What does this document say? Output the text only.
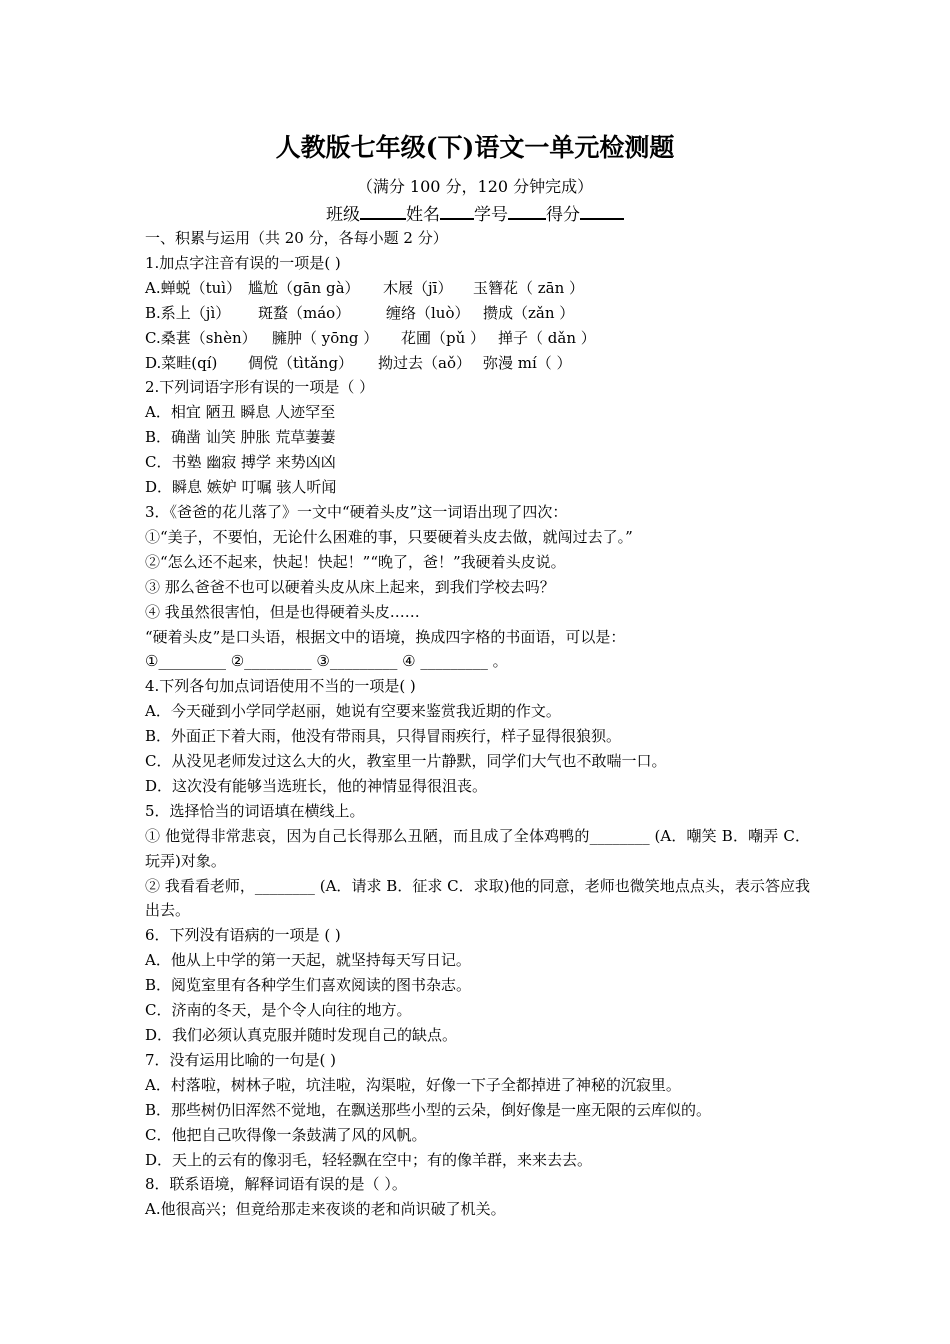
人教版七年级(下)语文一单元检测题
（满分 100 分，120 分钟完成）
班级	姓名 学号 得分
一、积累与运用（共 20 分，各每小题 2 分）
1.加点字注音有误的一项是( )
A.蝉蜕（tuì） 尴尬（gān gà） 木屐（jī） 玉簪花（ zān ）
B.系上（jì） 斑蝥（máo） 缠络（luò） 攒成（zǎn ）
C.桑葚（shèn） 臃肿（ yōng ） 花圃（pǔ ） 掸子（ dǎn ）
D.菜畦(qí) 倜傥（tìtǎng） 拗过去（aǒ） 弥漫 mí（ ）
2.下列词语字形有误的一项是（ ）
A．相宜 陋丑 瞬息 人迹罕至
B．确凿 讪笑 肿胀 荒草萋萋
C．书塾 幽寂 搏学 来势凶凶
D．瞬息 嫉妒 叮嘱 骇人听闻
3．《爸爸的花儿落了》一文中“硬着头皮”这一词语出现了四次：
①“美子，不要怕，无论什么困难的事，只要硬着头皮去做，就闯过去了。”
②“怎么还不起来，快起！快起！”“晚了，爸！”我硬着头皮说。
③ 那么爸爸不也可以硬着头皮从床上起来，到我们学校去吗？
④ 我虽然很害怕，但是也得硬着头皮……
“硬着头皮”是口头语，根据文中的语境，换成四字格的书面语，可以是：
①_________ ②_________ ③_________ ④ _________ 。
4.下列各句加点词语使用不当的一项是( )
A．今天碰到小学同学赵丽，她说有空要来鉴赏我近期的作文。
B．外面正下着大雨，他没有带雨具，只得冒雨疾行，样子显得很狼狈。
C．从没见老师发过这么大的火，教室里一片静默，同学们大气也不敢喘一口。
D．这次没有能够当选班长，他的神情显得很沮丧。
5．选择恰当的词语填在横线上。
① 他觉得非常悲哀，因为自己长得那么丑陋，而且成了全体鸡鸭的________ (A．嘲笑 B．嘲弄 C．玩弄)对象。
② 我看看老师，________ (A．请求 B．征求 C．求取)他的同意，老师也微笑地点点头，表示答应我出去。
6．下列没有语病的一项是 ( )
A．他从上中学的第一天起，就坚持每天写日记。
B．阅览室里有各种学生们喜欢阅读的图书杂志。
C．济南的冬天，是个令人向往的地方。
D．我们必须认真克服并随时发现自己的缺点。
7．没有运用比喻的一句是( )
A．村落啦，树林子啦，坑洼啦，沟渠啦，好像一下子全都掉进了神秘的沉寂里。
B．那些树仍旧浑然不觉地，在飘送那些小型的云朵，倒好像是一座无限的云库似的。
C．他把自己吹得像一条鼓满了风的风帆。
D．天上的云有的像羽毛，轻轻飘在空中；有的像羊群，来来去去。
8．联系语境，解释词语有误的是（ ）。
A.他很高兴；但竟给那走来夜谈的老和尚识破了机关。
